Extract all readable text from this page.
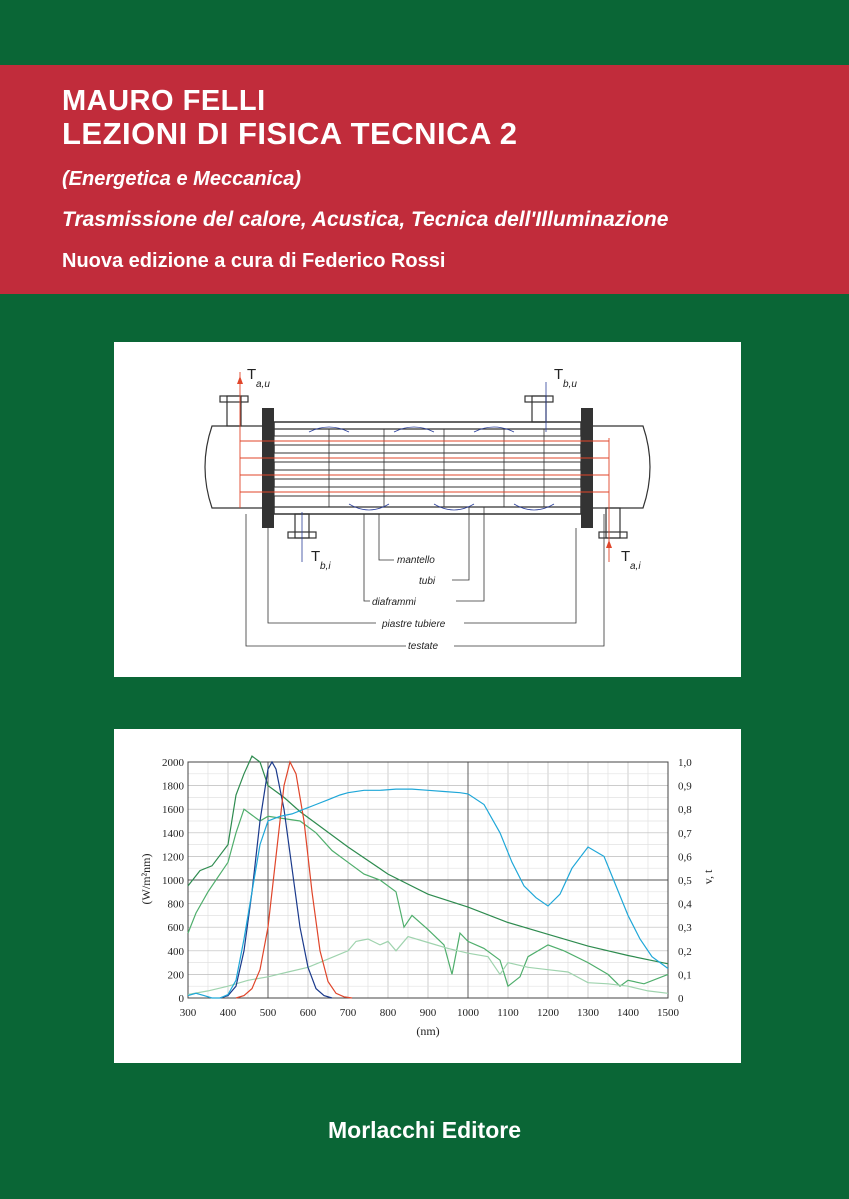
MAURO FELLI
LEZIONI DI FISICA TECNICA 2
(Energetica e Meccanica)
Trasmissione del calore, Acustica, Tecnica dell'Illuminazione
Nuova edizione a cura di Federico Rossi
T
a,u
T
b,u
T
b,i
T
a,i
mantello
tubi
diaframmi
piastre tubiere
testate
300 400 500 600 700 800 900 1000 1100 1200 1300 1400 1500
0
200
400
600
800
1000
1200
1400
1600
1800
2000
0
0,1
0,2
0,3
0,4
0,5
0,6
0,7
0,8
0,9
1,0
(nm)
(W/m²nm)	v, t
Morlacchi Editore
